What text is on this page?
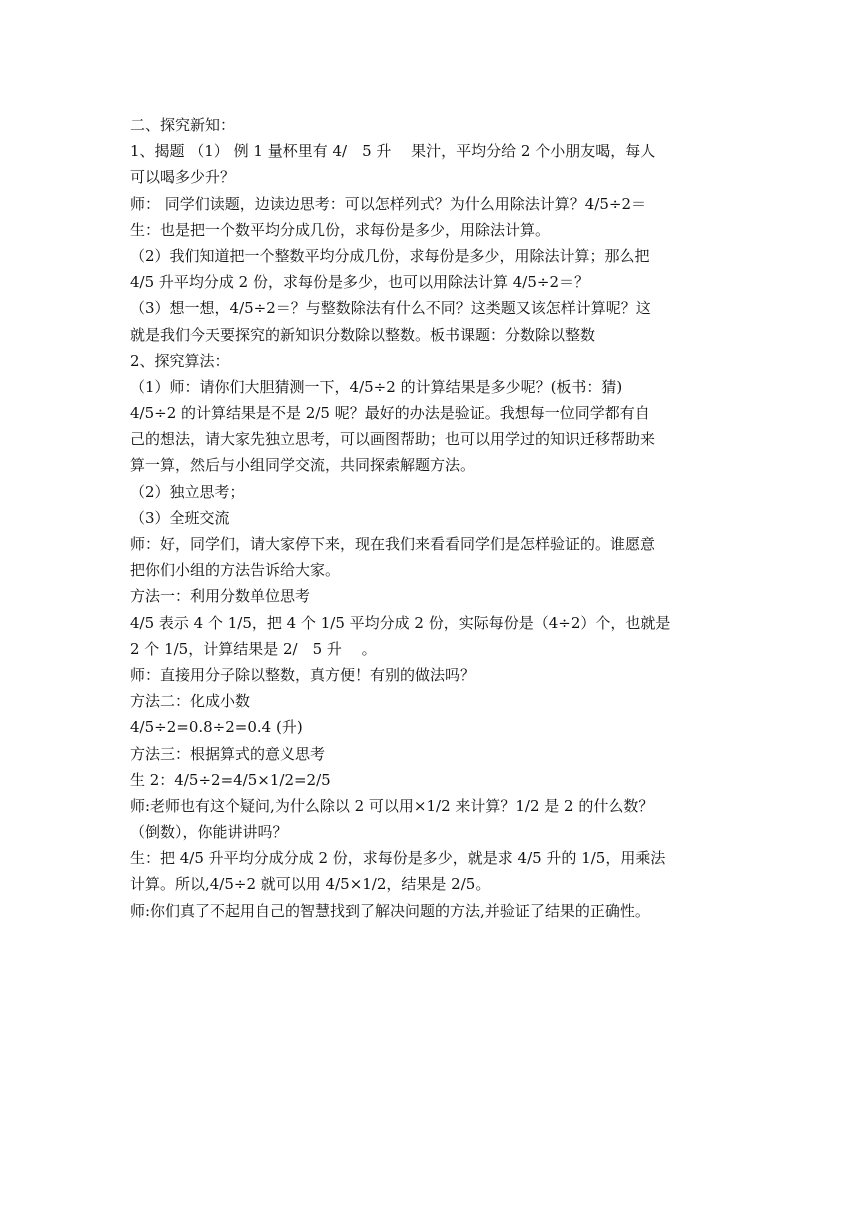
二、探究新知：
1、揭题 （1） 例 1 量杯里有 4/　5 升　 果汁，平均分给 2 个小朋友喝，每人
可以喝多少升？
师： 同学们读题，边读边思考：可以怎样列式？为什么用除法计算？4/5÷2＝
生：也是把一个数平均分成几份，求每份是多少，用除法计算。
（2）我们知道把一个整数平均分成几份，求每份是多少，用除法计算；那么把
4/5 升平均分成 2 份，求每份是多少，也可以用除法计算 4/5÷2＝？
（3）想一想，4/5÷2＝？与整数除法有什么不同？这类题又该怎样计算呢？这
就是我们今天要探究的新知识分数除以整数。板书课题：分数除以整数
2、探究算法：
（1）师：请你们大胆猜测一下，4/5÷2 的计算结果是多少呢？(板书：猜)
4/5÷2 的计算结果是不是 2/5 呢？最好的办法是验证。我想每一位同学都有自
己的想法，请大家先独立思考，可以画图帮助；也可以用学过的知识迁移帮助来
算一算，然后与小组同学交流，共同探索解题方法。
（2）独立思考；
（3）全班交流
师：好，同学们，请大家停下来，现在我们来看看同学们是怎样验证的。谁愿意
把你们小组的方法告诉给大家。
方法一：利用分数单位思考
4/5 表示 4 个 1/5，把 4 个 1/5 平均分成 2 份，实际每份是（4÷2）个，也就是
2 个 1/5，计算结果是 2/　5 升　 。
师：直接用分子除以整数，真方便！有别的做法吗？
方法二：化成小数
4/5÷2=0.8÷2=0.4 (升)
方法三：根据算式的意义思考
生 2：4/5÷2=4/5×1/2=2/5
师:老师也有这个疑问,为什么除以 2 可以用×1/2 来计算？1/2 是 2 的什么数？
（倒数），你能讲讲吗？
生：把 4/5 升平均分成分成 2 份，求每份是多少，就是求 4/5 升的 1/5，用乘法
计算。所以,4/5÷2 就可以用 4/5×1/2，结果是 2/5。
师:你们真了不起用自己的智慧找到了解决问题的方法,并验证了结果的正确性。
